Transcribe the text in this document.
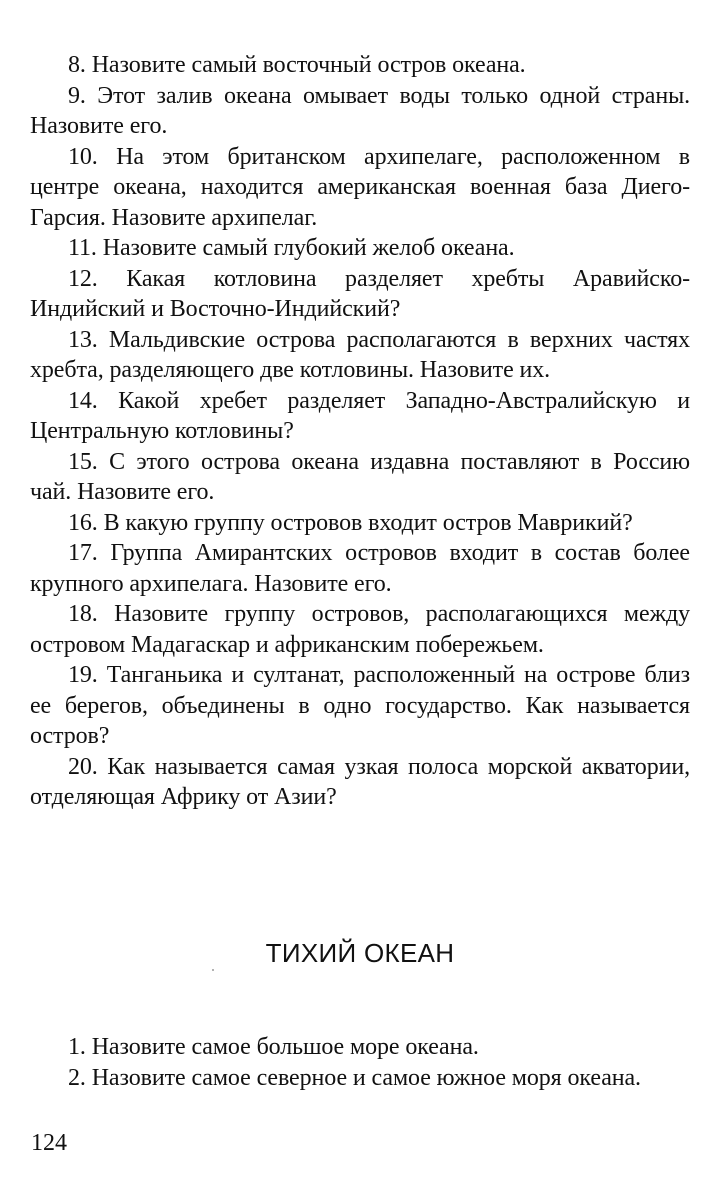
8. Назовите самый восточный остров океана.

9. Этот залив океана омывает воды только одной страны. Назовите его.

10. На этом британском архипелаге, расположенном в центре океана, находится американская военная база Диего-Гарсия. Назовите архипелаг.

11. Назовите самый глубокий желоб океана.

12. Какая котловина разделяет хребты Аравийско-Индийский и Восточно-Индийский?

13. Мальдивские острова располагаются в верхних частях хребта, разделяющего две котловины. Назовите их.

14. Какой хребет разделяет Западно-Австралийскую и Центральную котловины?

15. С этого острова океана издавна поставляют в Россию чай. Назовите его.

16. В какую группу островов входит остров Маврикий?

17. Группа Амирантских островов входит в состав более крупного архипелага. Назовите его.

18. Назовите группу островов, располагающихся между островом Мадагаскар и африканским побережьем.

19. Танганьика и султанат, расположенный на острове близ ее берегов, объединены в одно государство. Как называется остров?

20. Как называется самая узкая полоса морской акватории, отделяющая Африку от Азии?

ТИХИЙ ОКЕАН

1. Назовите самое большое море океана.

2. Назовите самое северное и самое южное моря океана.

124
